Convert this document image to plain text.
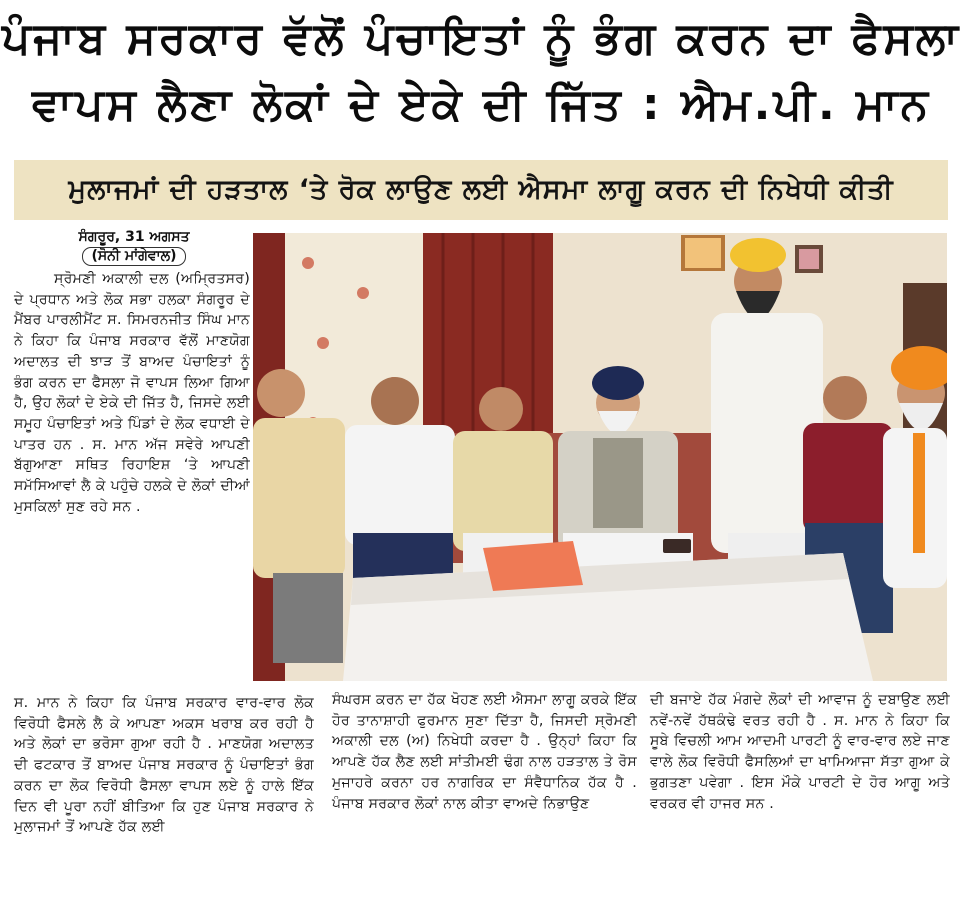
ਪੰਜਾਬ ਸਰਕਾਰ ਵੱਲੋਂ ਪੰਚਾਇਤਾਂ ਨੂੰ ਭੰਗ ਕਰਨ ਦਾ ਫੈਸਲਾ
ਵਾਪਸ ਲੈਣਾ ਲੋਕਾਂ ਦੇ ਏਕੇ ਦੀ ਜਿੱਤ : ਐਮ.ਪੀ. ਮਾਨ
ਮੁਲਾਜਮਾਂ ਦੀ ਹੜਤਾਲ ‘ਤੇ ਰੋਕ ਲਾਉਣ ਲਈ ਐਸਮਾ ਲਾਗੂ ਕਰਨ ਦੀ ਨਿਖੇਧੀ ਕੀਤੀ
ਸੰਗਰੂਰ, 31 ਅਗਸਤ
(ਸੋਨੀ ਮਾਂਗੇਵਾਲ)

ਸ੍ਰੋਮਣੀ ਅਕਾਲੀ ਦਲ (ਅਮ੍ਰਿਤਸਰ) ਦੇ ਪ੍ਰਧਾਨ ਅਤੇ ਲੋਕ ਸਭਾ ਹਲਕਾ ਸੰਗਰੂਰ ਦੇ ਮੈਂਬਰ ਪਾਰਲੀਮੈਂਟ ਸ. ਸਿਮਰਨਜੀਤ ਸਿੰਘ ਮਾਨ ਨੇ ਕਿਹਾ ਕਿ ਪੰਜਾਬ ਸਰਕਾਰ ਵੱਲੋਂ ਮਾਣਯੋਗ ਅਦਾਲਤ ਦੀ ਝਾੜ ਤੋਂ ਬਾਅਦ ਪੰਚਾਇਤਾਂ ਨੂੰ ਭੰਗ ਕਰਨ ਦਾ ਫੈਸਲਾ ਜੋ ਵਾਪਸ ਲਿਆ ਗਿਆ ਹੈ, ਉਹ ਲੋਕਾਂ ਦੇ ਏਕੇ ਦੀ ਜਿੱਤ ਹੈ, ਜਿਸਦੇ ਲਈ ਸਮੂਹ ਪੰਚਾਇਤਾਂ ਅਤੇ ਪਿੰਡਾਂ ਦੇ ਲੋਕ ਵਧਾਈ ਦੇ ਪਾਤਰ ਹਨ . ਸ. ਮਾਨ ਅੱਜ ਸਵੇਰੇ ਆਪਣੀ ਬੱਗੁਆਣਾ ਸਥਿਤ ਰਿਹਾਇਸ਼ ‘ਤੇ ਆਪਣੀ ਸਮੱਸਿਆਵਾਂ ਲੈ ਕੇ ਪਹੁੰਚੇ ਹਲਕੇ ਦੇ ਲੋਕਾਂ ਦੀਆਂ ਮੁਸਕਿਲਾਂ ਸੁਣ ਰਹੇ ਸਨ .

ਸ. ਮਾਨ ਨੇ ਕਿਹਾ ਕਿ ਪੰਜਾਬ ਸਰਕਾਰ ਵਾਰ-ਵਾਰ ਲੋਕ ਵਿਰੋਧੀ ਫੈਸਲੇ ਲੈ ਕੇ ਆਪਣਾ ਅਕਸ ਖਰਾਬ ਕਰ ਰਹੀ ਹੈ ਅਤੇ ਲੋਕਾਂ ਦਾ ਭਰੋਸਾ ਗੁਆ ਰਹੀ ਹੈ . ਮਾਣਯੋਗ ਅਦਾਲਤ ਦੀ ਫਟਕਾਰ ਤੋਂ ਬਾਅਦ ਪੰਜਾਬ ਸਰਕਾਰ ਨੂੰ ਪੰਚਾਇਤਾਂ ਭੰਗ ਕਰਨ ਦਾ ਲੋਕ ਵਿਰੋਧੀ ਫੈਸਲਾ ਵਾਪਸ ਲਏ ਨੂੰ ਹਾਲੇ ਇੱਕ ਦਿਨ ਵੀ ਪੂਰਾ ਨਹੀਂ ਬੀਤਿਆ ਕਿ ਹੁਣ ਪੰਜਾਬ ਸਰਕਾਰ ਨੇ ਮੁਲਾਜਮਾਂ ਤੋਂ ਆਪਣੇ ਹੱਕ ਲਈ

ਸੰਘਰਸ ਕਰਨ ਦਾ ਹੱਕ ਖੋਹਣ ਲਈ ਐਸਮਾ ਲਾਗੂ ਕਰਕੇ ਇੱਕ ਹੋਰ ਤਾਨਾਸ਼ਾਹੀ ਫੁਰਮਾਨ ਸੁਣਾ ਦਿੱਤਾ ਹੈ, ਜਿਸਦੀ ਸ੍ਰੋਮਣੀ ਅਕਾਲੀ ਦਲ (ਅ) ਨਿਖੇਧੀ ਕਰਦਾ ਹੈ . ਉਨ੍ਹਾਂ ਕਿਹਾ ਕਿ ਆਪਣੇ ਹੱਕ ਲੈਣ ਲਈ ਸਾਂਤੀਮਈ ਢੰਗ ਨਾਲ ਹੜਤਾਲ ਤੇ ਰੋਸ ਮੁਜਾਹਰੇ ਕਰਨਾ ਹਰ ਨਾਗਰਿਕ ਦਾ ਸੰਵੈਧਾਨਿਕ ਹੱਕ ਹੈ . ਪੰਜਾਬ ਸਰਕਾਰ ਲੋਕਾਂ ਨਾਲ ਕੀਤਾ ਵਾਅਦੇ ਨਿਭਾਉਣ

ਦੀ ਬਜਾਏ ਹੱਕ ਮੰਗਦੇ ਲੋਕਾਂ ਦੀ ਆਵਾਜ ਨੂੰ ਦਬਾਉਣ ਲਈ ਨਵੇਂ-ਨਵੇਂ ਹੱਥਕੰਢੇ ਵਰਤ ਰਹੀ ਹੈ . ਸ. ਮਾਨ ਨੇ ਕਿਹਾ ਕਿ ਸੂਬੇ ਵਿਚਲੀ ਆਮ ਆਦਮੀ ਪਾਰਟੀ ਨੂੰ ਵਾਰ-ਵਾਰ ਲਏ ਜਾਣ ਵਾਲੇ ਲੋਕ ਵਿਰੋਧੀ ਫੈਸਲਿਆਂ ਦਾ ਖਾਮਿਆਜਾ ਸੱਤਾ ਗੁਆ ਕੇ ਭੁਗਤਣਾ ਪਵੇਗਾ . ਇਸ ਮੌਕੇ ਪਾਰਟੀ ਦੇ ਹੋਰ ਆਗੂ ਅਤੇ ਵਰਕਰ ਵੀ ਹਾਜਰ ਸਨ .
